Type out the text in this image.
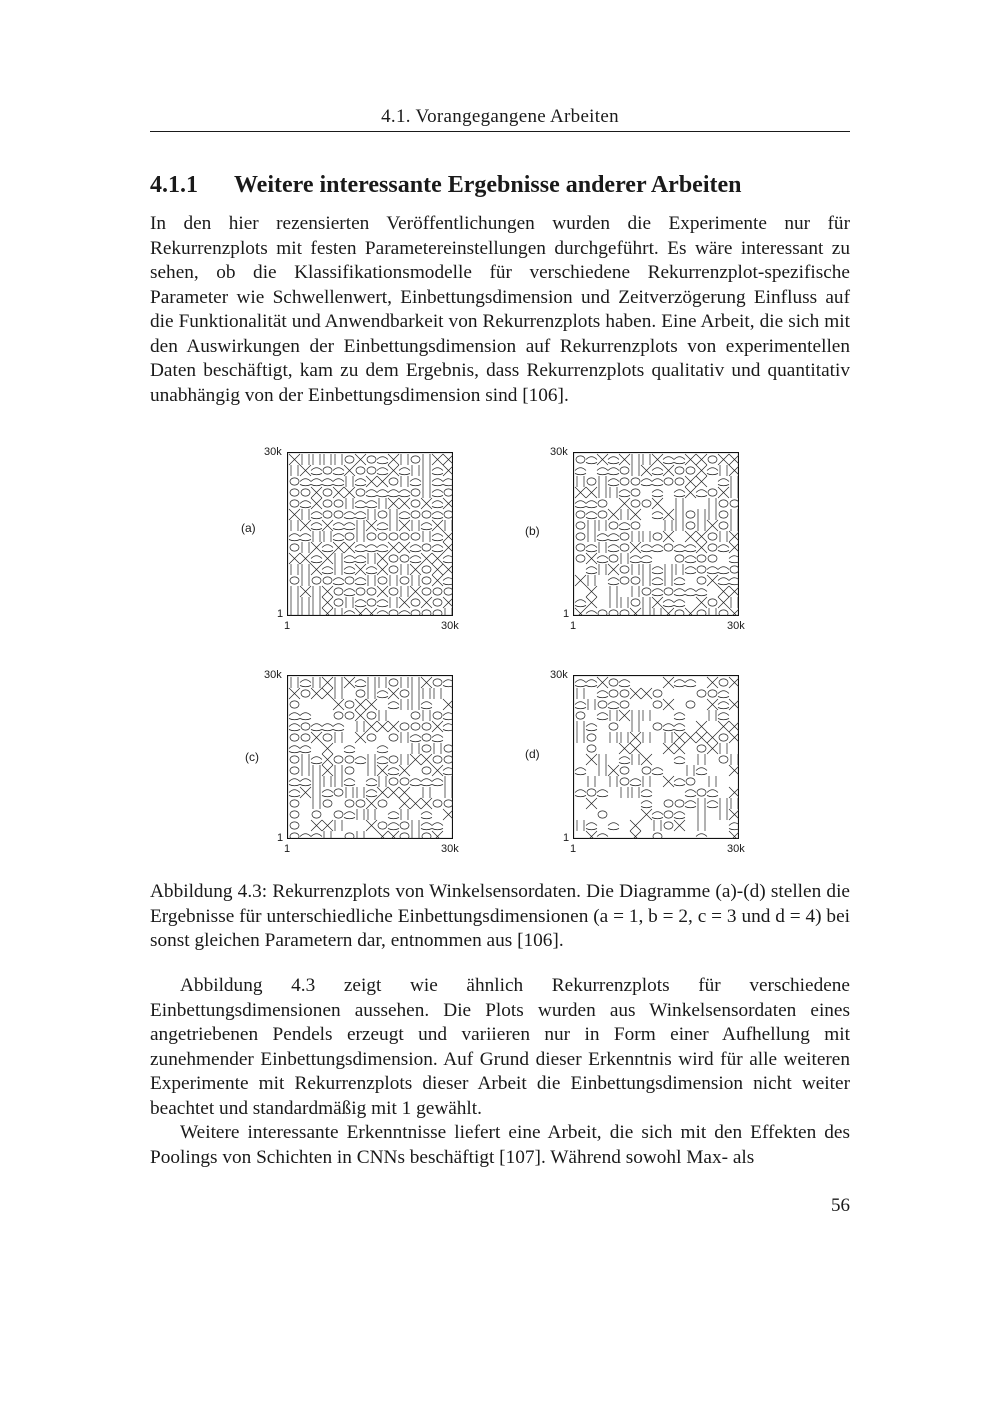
4.1. Vorangegangene Arbeiten
4.1.1 Weitere interessante Ergebnisse anderer Arbeiten

In den hier rezensierten Veröffentlichungen wurden die Experimente nur für Rekurrenzplots mit festen Parametereinstellungen durchgeführt. Es wäre interessant zu sehen, ob die Klassifikationsmodelle für verschiedene Rekurrenzplot-spezifische Parameter wie Schwellenwert, Einbettungsdimension und Zeitverzögerung Einfluss auf die Funktionalität und Anwendbarkeit von Rekurrenzplots haben. Eine Arbeit, die sich mit den Auswirkungen der Einbettungsdimension auf Rekurrenzplots von experimentellen Daten beschäftigt, kam zu dem Ergebnis, dass Rekurrenzplots qualitativ und quantitativ unabhängig von der Einbettungsdimension sind [106].

30k
(a)
1
1	30k
30k
(b)
1
1	30k
30k
(c)
1
1	30k
30k
(d)
1
1	30k

Abbildung 4.3: Rekurrenzplots von Winkelsensordaten. Die Diagramme (a)-(d) stellen die Ergebnisse für unterschiedliche Einbettungsdimensionen (a = 1, b = 2, c = 3 und d = 4) bei sonst gleichen Parametern dar, entnommen aus [106].

Abbildung 4.3 zeigt wie ähnlich Rekurrenzplots für verschiedene Einbettungsdimensionen aussehen. Die Plots wurden aus Winkelsensordaten eines angetriebenen Pendels erzeugt und variieren nur in Form einer Aufhellung mit zunehmender Einbettungsdimension. Auf Grund dieser Erkenntnis wird für alle weiteren Experimente mit Rekurrenzplots dieser Arbeit die Einbettungsdimension nicht weiter beachtet und standardmäßig mit 1 gewählt.

Weitere interessante Erkenntnisse liefert eine Arbeit, die sich mit den Effekten des Poolings von Schichten in CNNs beschäftigt [107]. Während sowohl Max- als

56
